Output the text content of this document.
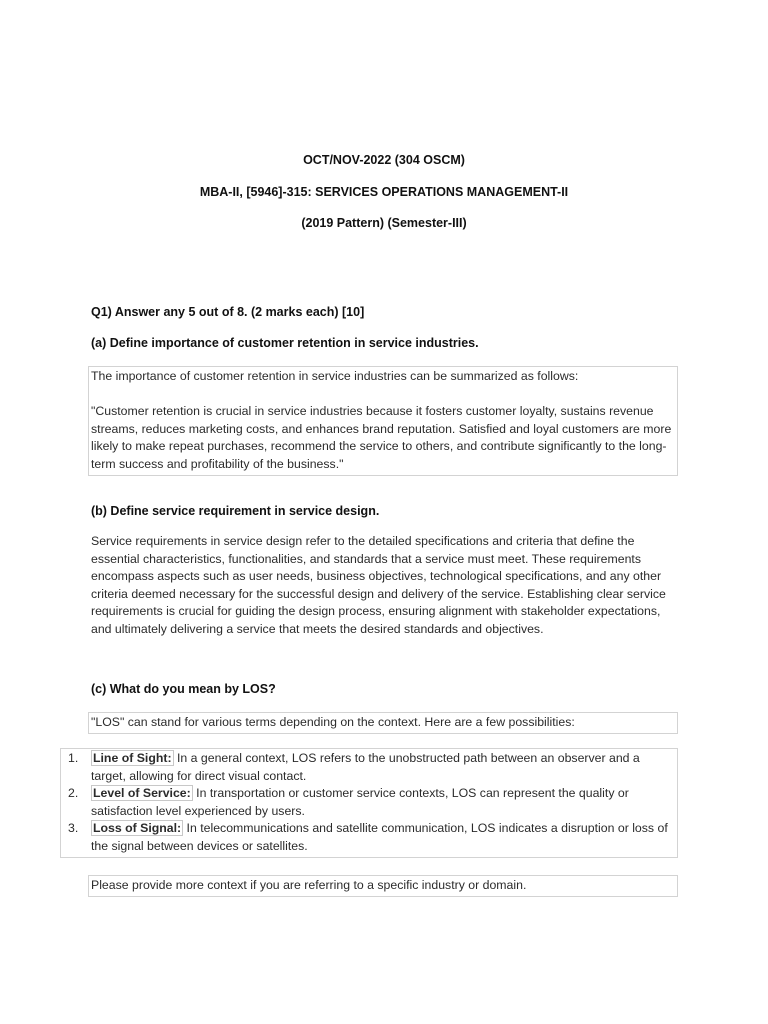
OCT/NOV-2022 (304 OSCM)
MBA-II, [5946]-315: SERVICES OPERATIONS MANAGEMENT-II
(2019 Pattern) (Semester-III)
Q1) Answer any 5 out of 8. (2 marks each) [10]
(a) Define importance of customer retention in service industries.

The importance of customer retention in service industries can be summarized as follows:

"Customer retention is crucial in service industries because it fosters customer loyalty, sustains revenue streams, reduces marketing costs, and enhances brand reputation. Satisfied and loyal customers are more likely to make repeat purchases, recommend the service to others, and contribute significantly to the long-term success and profitability of the business."

(b) Define service requirement in service design.
Service requirements in service design refer to the detailed specifications and criteria that define the essential characteristics, functionalities, and standards that a service must meet. These requirements encompass aspects such as user needs, business objectives, technological specifications, and any other criteria deemed necessary for the successful design and delivery of the service. Establishing clear service requirements is crucial for guiding the design process, ensuring alignment with stakeholder expectations, and ultimately delivering a service that meets the desired standards and objectives.
(c) What do you mean by LOS?

"LOS" can stand for various terms depending on the context. Here are a few possibilities:

1. Line of Sight: In a general context, LOS refers to the unobstructed path between an observer and a target, allowing for direct visual contact.
2. Level of Service: In transportation or customer service contexts, LOS can represent the quality or satisfaction level experienced by users.
3. Loss of Signal: In telecommunications and satellite communication, LOS indicates a disruption or loss of the signal between devices or satellites.

Please provide more context if you are referring to a specific industry or domain.
